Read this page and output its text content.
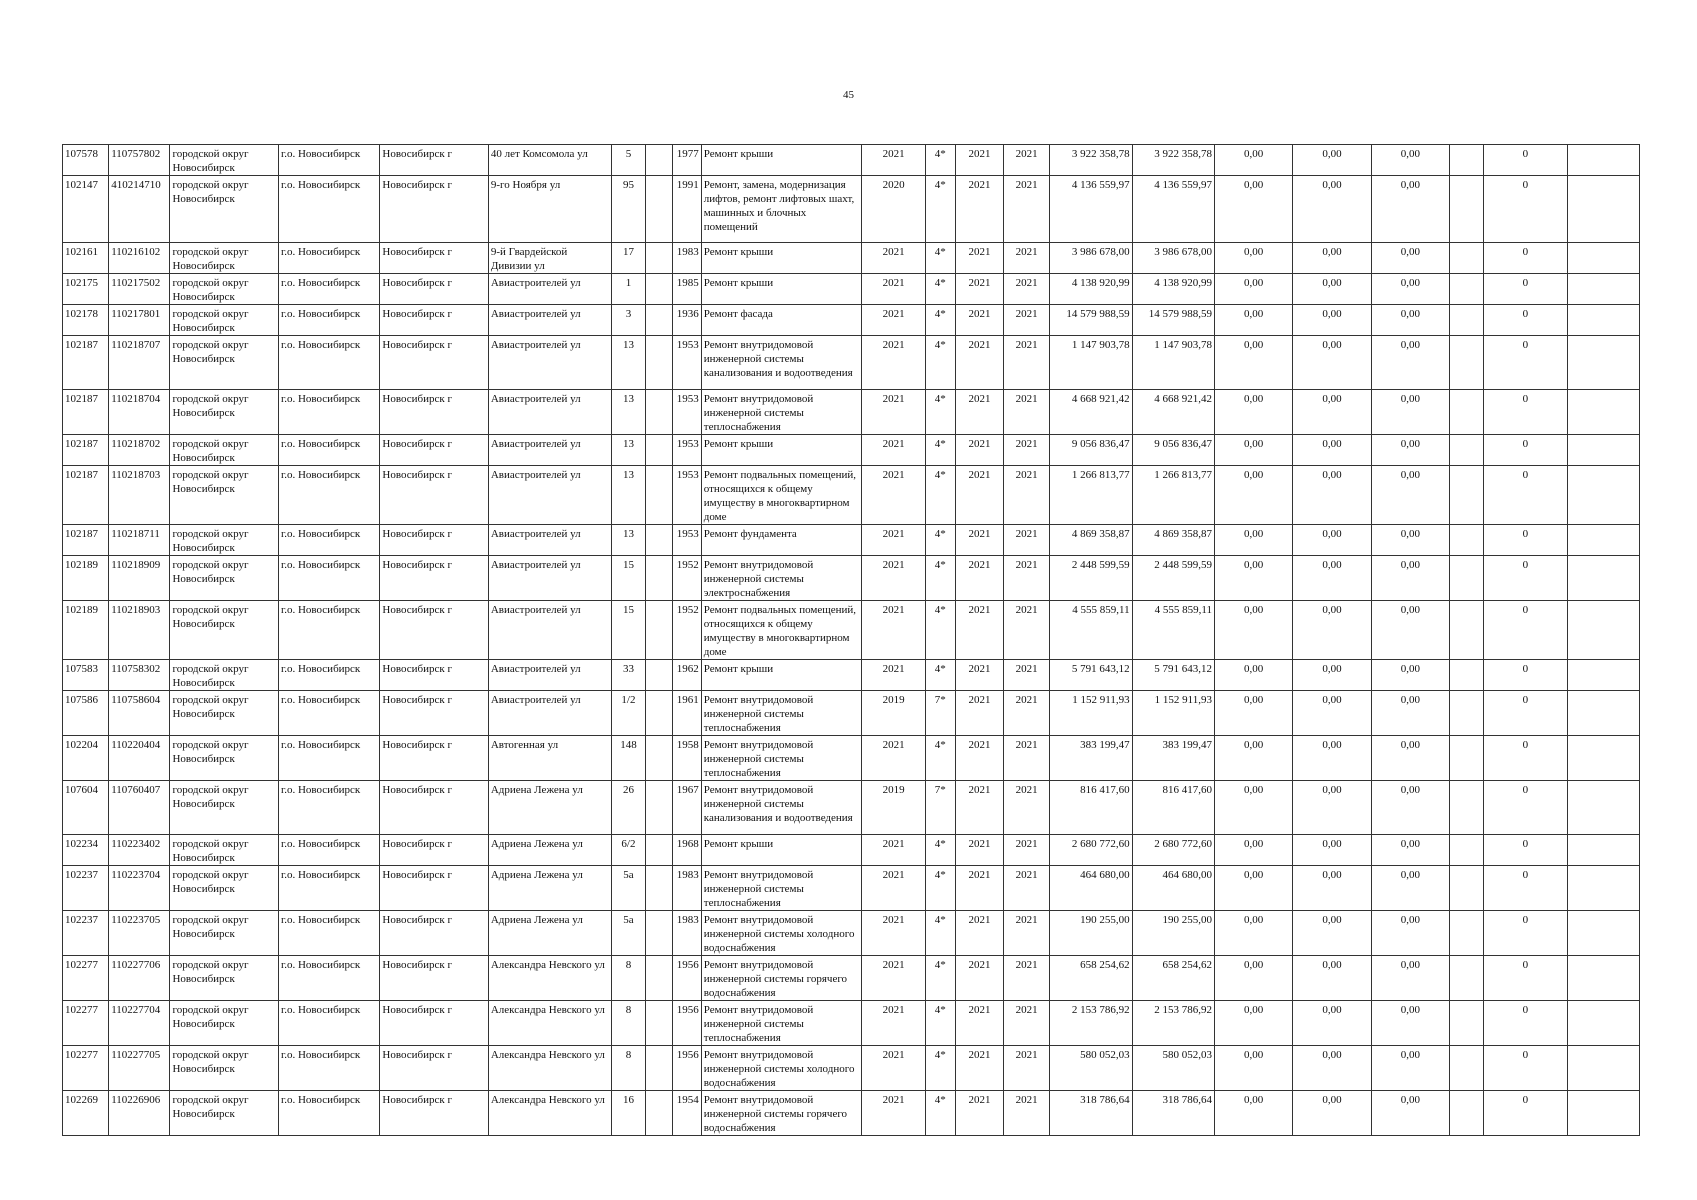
45
107578	110757802	городской округ Новосибирск	г.о. Новосибирск	Новосибирск г	40 лет Комсомола ул	5		1977	Ремонт крыши	2021	4*	2021	2021	3 922 358,78	3 922 358,78	0,00	0,00	0,00		0	
102147	410214710	городской округ Новосибирск	г.о. Новосибирск	Новосибирск г	9-го Ноября ул	95		1991	Ремонт, замена, модернизация лифтов, ремонт лифтовых шахт, машинных и блочных помещений	2020	4*	2021	2021	4 136 559,97	4 136 559,97	0,00	0,00	0,00		0	
102161	110216102	городской округ Новосибирск	г.о. Новосибирск	Новосибирск г	9-й Гвардейской Дивизии ул	17		1983	Ремонт крыши	2021	4*	2021	2021	3 986 678,00	3 986 678,00	0,00	0,00	0,00		0	
102175	110217502	городской округ Новосибирск	г.о. Новосибирск	Новосибирск г	Авиастроителей ул	1		1985	Ремонт крыши	2021	4*	2021	2021	4 138 920,99	4 138 920,99	0,00	0,00	0,00		0	
102178	110217801	городской округ Новосибирск	г.о. Новосибирск	Новосибирск г	Авиастроителей ул	3		1936	Ремонт фасада	2021	4*	2021	2021	14 579 988,59	14 579 988,59	0,00	0,00	0,00		0	
102187	110218707	городской округ Новосибирск	г.о. Новосибирск	Новосибирск г	Авиастроителей ул	13		1953	Ремонт внутридомовой инженерной системы канализования и водоотведения	2021	4*	2021	2021	1 147 903,78	1 147 903,78	0,00	0,00	0,00		0	
102187	110218704	городской округ Новосибирск	г.о. Новосибирск	Новосибирск г	Авиастроителей ул	13		1953	Ремонт внутридомовой инженерной системы теплоснабжения	2021	4*	2021	2021	4 668 921,42	4 668 921,42	0,00	0,00	0,00		0	
102187	110218702	городской округ Новосибирск	г.о. Новосибирск	Новосибирск г	Авиастроителей ул	13		1953	Ремонт крыши	2021	4*	2021	2021	9 056 836,47	9 056 836,47	0,00	0,00	0,00		0	
102187	110218703	городской округ Новосибирск	г.о. Новосибирск	Новосибирск г	Авиастроителей ул	13		1953	Ремонт подвальных помещений, относящихся к общему имуществу в многоквартирном доме	2021	4*	2021	2021	1 266 813,77	1 266 813,77	0,00	0,00	0,00		0	
102187	110218711	городской округ Новосибирск	г.о. Новосибирск	Новосибирск г	Авиастроителей ул	13		1953	Ремонт фундамента	2021	4*	2021	2021	4 869 358,87	4 869 358,87	0,00	0,00	0,00		0	
102189	110218909	городской округ Новосибирск	г.о. Новосибирск	Новосибирск г	Авиастроителей ул	15		1952	Ремонт внутридомовой инженерной системы электроснабжения	2021	4*	2021	2021	2 448 599,59	2 448 599,59	0,00	0,00	0,00		0	
102189	110218903	городской округ Новосибирск	г.о. Новосибирск	Новосибирск г	Авиастроителей ул	15		1952	Ремонт подвальных помещений, относящихся к общему имуществу в многоквартирном доме	2021	4*	2021	2021	4 555 859,11	4 555 859,11	0,00	0,00	0,00		0	
107583	110758302	городской округ Новосибирск	г.о. Новосибирск	Новосибирск г	Авиастроителей ул	33		1962	Ремонт крыши	2021	4*	2021	2021	5 791 643,12	5 791 643,12	0,00	0,00	0,00		0	
107586	110758604	городской округ Новосибирск	г.о. Новосибирск	Новосибирск г	Авиастроителей ул	1/2		1961	Ремонт внутридомовой инженерной системы теплоснабжения	2019	7*	2021	2021	1 152 911,93	1 152 911,93	0,00	0,00	0,00		0	
102204	110220404	городской округ Новосибирск	г.о. Новосибирск	Новосибирск г	Автогенная ул	148		1958	Ремонт внутридомовой инженерной системы теплоснабжения	2021	4*	2021	2021	383 199,47	383 199,47	0,00	0,00	0,00		0	
107604	110760407	городской округ Новосибирск	г.о. Новосибирск	Новосибирск г	Адриена Лежена ул	26		1967	Ремонт внутридомовой инженерной системы канализования и водоотведения	2019	7*	2021	2021	816 417,60	816 417,60	0,00	0,00	0,00		0	
102234	110223402	городской округ Новосибирск	г.о. Новосибирск	Новосибирск г	Адриена Лежена ул	6/2		1968	Ремонт крыши	2021	4*	2021	2021	2 680 772,60	2 680 772,60	0,00	0,00	0,00		0	
102237	110223704	городской округ Новосибирск	г.о. Новосибирск	Новосибирск г	Адриена Лежена ул	5а		1983	Ремонт внутридомовой инженерной системы теплоснабжения	2021	4*	2021	2021	464 680,00	464 680,00	0,00	0,00	0,00		0	
102237	110223705	городской округ Новосибирск	г.о. Новосибирск	Новосибирск г	Адриена Лежена ул	5а		1983	Ремонт внутридомовой инженерной системы холодного водоснабжения	2021	4*	2021	2021	190 255,00	190 255,00	0,00	0,00	0,00		0	
102277	110227706	городской округ Новосибирск	г.о. Новосибирск	Новосибирск г	Александра Невского ул	8		1956	Ремонт внутридомовой инженерной системы горячего водоснабжения	2021	4*	2021	2021	658 254,62	658 254,62	0,00	0,00	0,00		0	
102277	110227704	городской округ Новосибирск	г.о. Новосибирск	Новосибирск г	Александра Невского ул	8		1956	Ремонт внутридомовой инженерной системы теплоснабжения	2021	4*	2021	2021	2 153 786,92	2 153 786,92	0,00	0,00	0,00		0	
102277	110227705	городской округ Новосибирск	г.о. Новосибирск	Новосибирск г	Александра Невского ул	8		1956	Ремонт внутридомовой инженерной системы холодного водоснабжения	2021	4*	2021	2021	580 052,03	580 052,03	0,00	0,00	0,00		0	
102269	110226906	городской округ Новосибирск	г.о. Новосибирск	Новосибирск г	Александра Невского ул	16		1954	Ремонт внутридомовой инженерной системы горячего водоснабжения	2021	4*	2021	2021	318 786,64	318 786,64	0,00	0,00	0,00		0	
